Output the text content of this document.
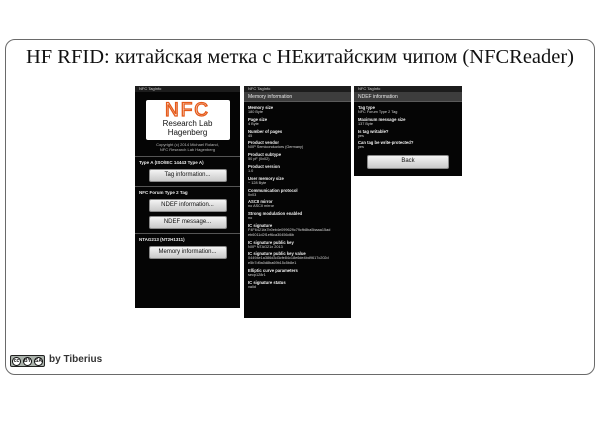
HF RFID: китайская метка с НЕкитайским чипом (NFCReader)
NFC TagInfo
NFC
Research Lab
Hagenberg
Copyright (c) 2014 Michael Roland,
NFC Research Lab Hagenberg
Type A (ISO/IEC 14443 Type A)
Tag information...
NFC Forum Type 2 Tag
NDEF information...
NDEF message...
NTAG213 (NT2H1311)
Memory information...
NFC TagInfo
Memory information
Memory size
180 Byte
Page size
4 Byte
Number of pages
45
Product vendor
NXP Semiconductors (Germany)
Product subtype
50 pF (0x02)
Product version
1.0
User memory size
~ 128 Byte
Communication protocol
0x03
ASCII mirror
no ASCII mirror
Strong modulation enabled
no
IC signature
F4F6421fa7b0eb4e099629c79cfb8ba5baaa15ad
eb6011d2f1ef6ca30456d6b
IC signature public key
NXP NTAG21x 2013
IC signature public key value
04494e1a386d3d3cfe84c18e6de4bd9617c202d
e5b7d9a0d8ba69b15c5b8e1
Elliptic curve parameters
secp128r1
IC signature status
valid
NFC TagInfo
NDEF information
Tag type
NFC Forum Type 2 Tag
Maximum message size
137 Byte
Is tag writable?
yes
Can tag be write-protected?
yes
Back
cc BY SA by Tiberius
